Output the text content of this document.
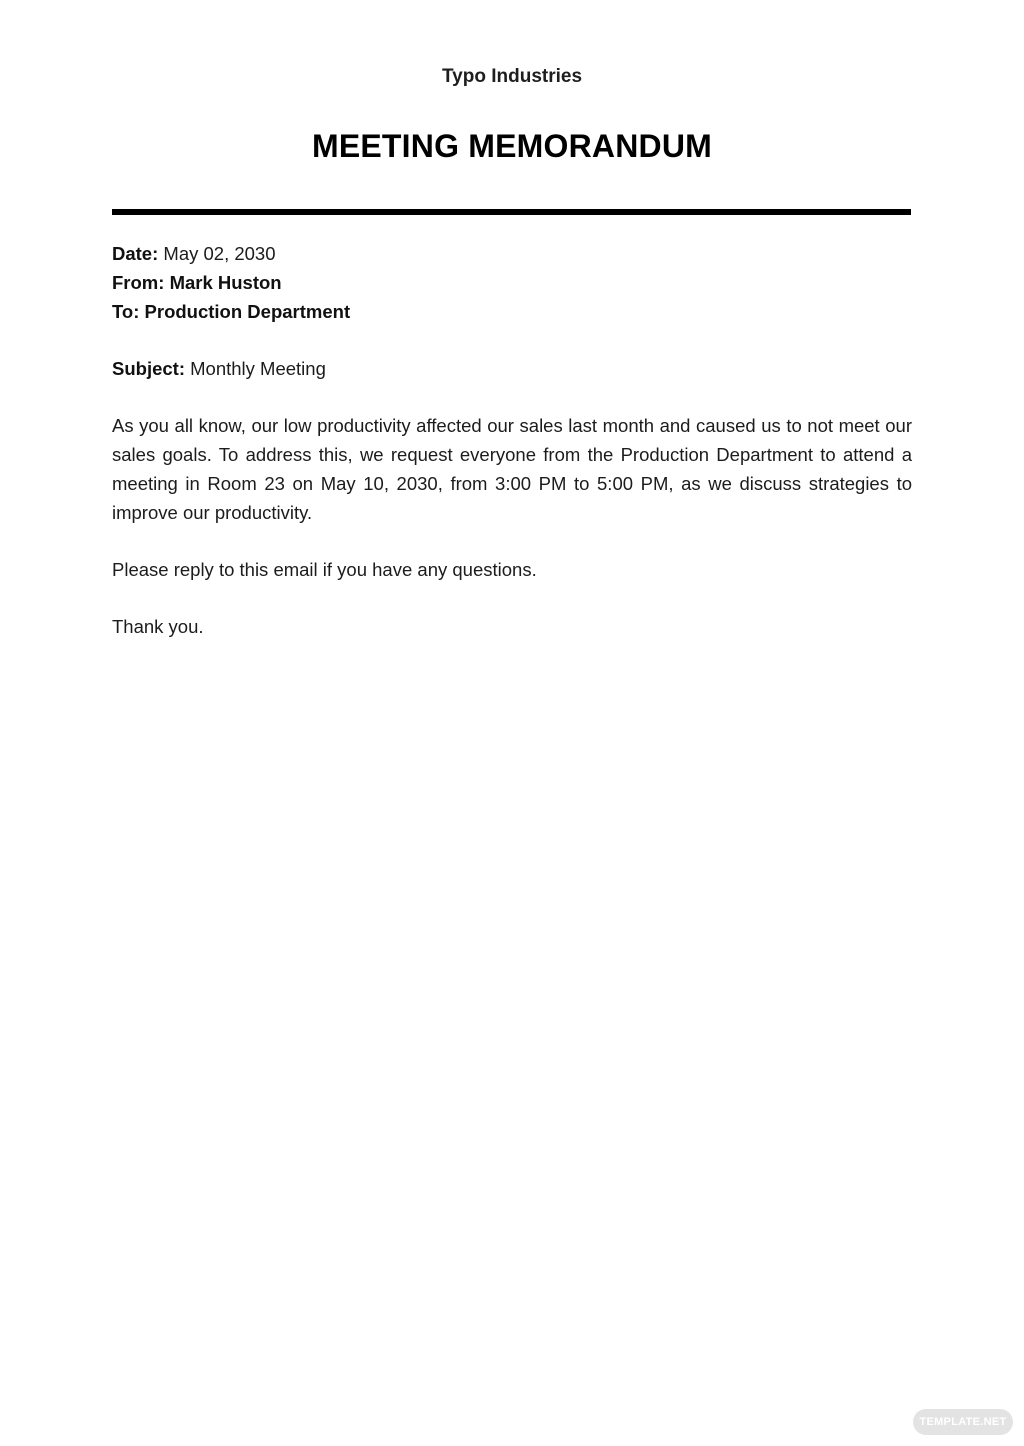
Typo Industries
MEETING MEMORANDUM

Date: May 02, 2030

From: Mark Huston

To: Production Department

Subject: Monthly Meeting

As you all know, our low productivity affected our sales last month and caused us to not meet our sales goals. To address this, we request everyone from the Production Department to attend a meeting in Room 23 on May 10, 2030, from 3:00 PM to 5:00 PM, as we discuss strategies to improve our productivity.

Please reply to this email if you have any questions.

Thank you.

TEMPLATE.NET
